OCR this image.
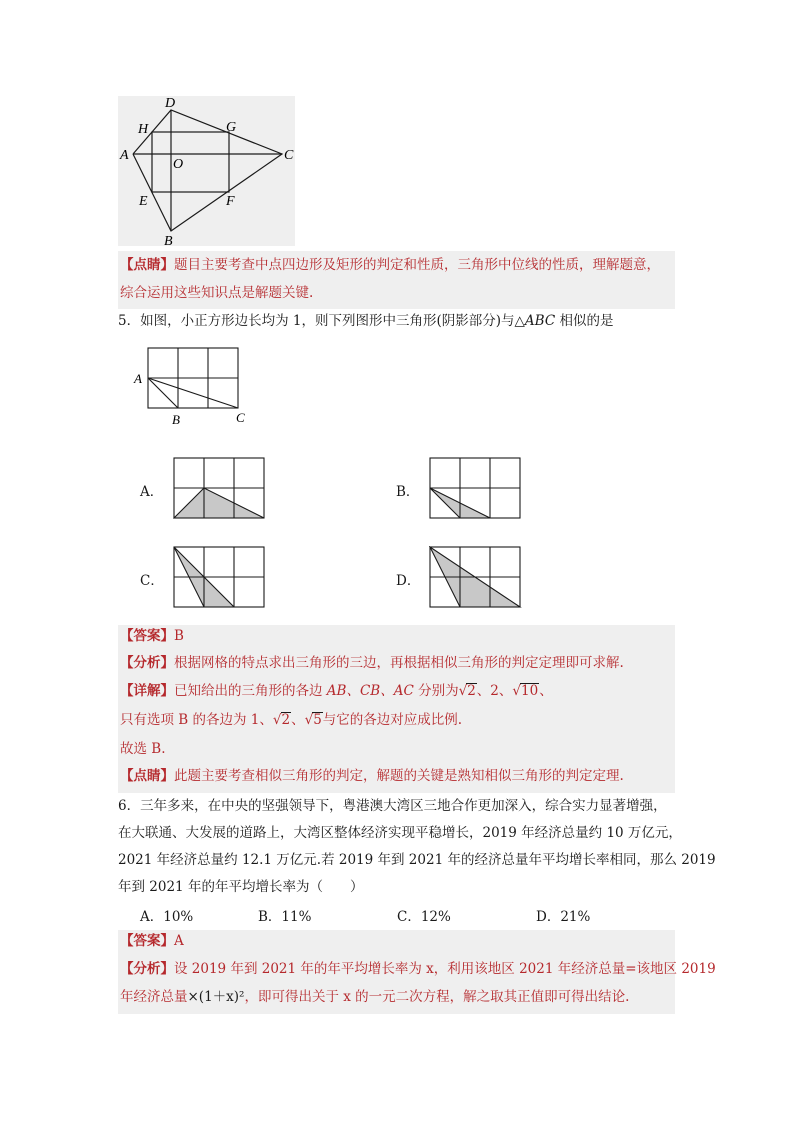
D
H	G
A
O
C
E	F
B
【点睛】题目主要考查中点四边形及矩形的判定和性质，三角形中位线的性质，理解题意，
综合运用这些知识点是解题关键.
5．如图，小正方形边长均为 1，则下列图形中三角形(阴影部分)与△ABC 相似的是
A
B	C
A．	B．
C．	D．
【答案】B
【分析】根据网格的特点求出三角形的三边，再根据相似三角形的判定定理即可求解.
【详解】已知给出的三角形的各边 AB、CB、AC 分别为√2、2、√10、
只有选项 B 的各边为 1、√2、√5与它的各边对应成比例.
故选 B.
【点睛】此题主要考查相似三角形的判定，解题的关键是熟知相似三角形的判定定理.
6．三年多来，在中央的坚强领导下，粤港澳大湾区三地合作更加深入，综合实力显著增强，
在大联通、大发展的道路上，大湾区整体经济实现平稳增长，2019 年经济总量约 10 万亿元，
2021 年经济总量约 12.1 万亿元.若 2019 年到 2021 年的经济总量年平均增长率相同，那么 2019
年到 2021 年的年平均增长率为（　　）
A．10%	B．11%	C．12%	D．21%
【答案】A
【分析】设 2019 年到 2021 年的年平均增长率为 x，利用该地区 2021 年经济总量=该地区 2019
年经济总量×(1＋x)²，即可得出关于 x 的一元二次方程，解之取其正值即可得出结论.
